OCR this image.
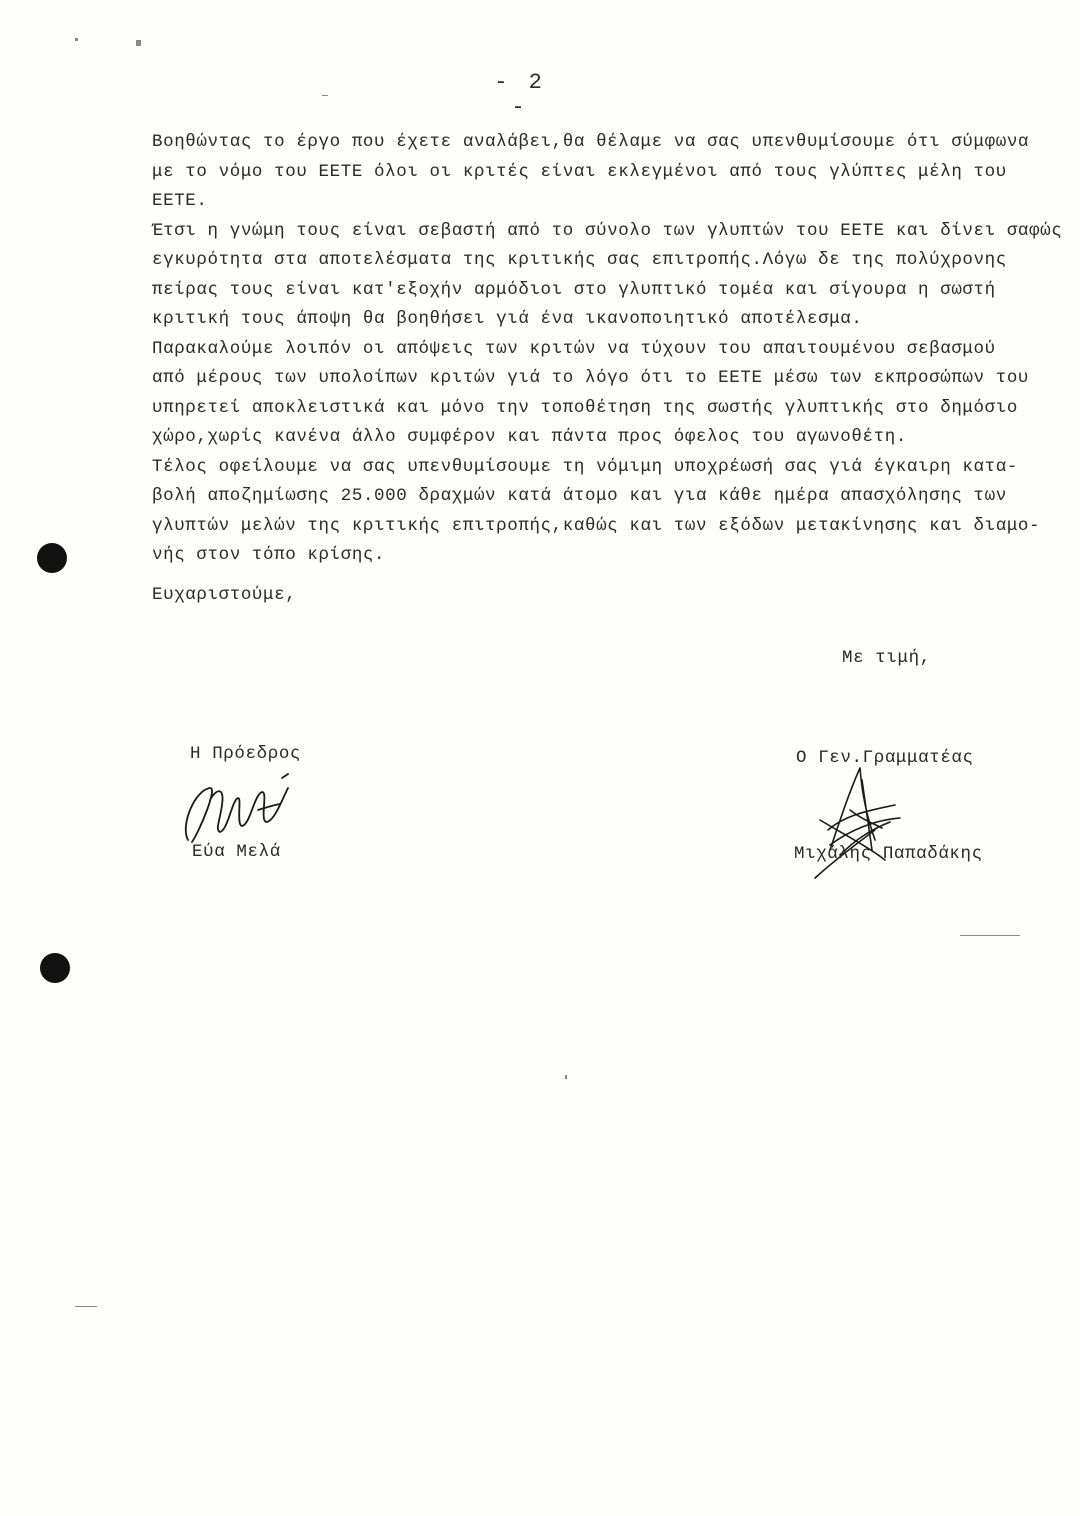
- 2 -
Βοηθώντας το έργο που έχετε αναλάβει,θα θέλαμε να σας υπενθυμίσουμε ότι σύμφωνα
με το νόμο του ΕΕΤΕ όλοι οι κριτές είναι εκλεγμένοι από τους γλύπτες μέλη του
ΕΕΤΕ.
Έτσι η γνώμη τους είναι σεβαστή από το σύνολο των γλυπτών του ΕΕΤΕ και δίνει σαφώς
εγκυρότητα στα αποτελέσματα της κριτικής σας επιτροπής.Λόγω δε της πολύχρονης
πείρας τους είναι κατ'εξοχήν αρμόδιοι στο γλυπτικό τομέα και σίγουρα η σωστή
κριτική τους άποψη θα βοηθήσει γιά ένα ικανοποιητικό αποτέλεσμα.
Παρακαλούμε λοιπόν οι απόψεις των κριτών να τύχουν του απαιτουμένου σεβασμού
από μέρους των υπολοίπων κριτών γιά το λόγο ότι το ΕΕΤΕ μέσω των εκπροσώπων του
υπηρετεί αποκλειστικά και μόνο την τοποθέτηση της σωστής γλυπτικής στο δημόσιο
χώρο,χωρίς κανένα άλλο συμφέρον και πάντα προς όφελος του αγωνοθέτη.
Τέλος οφείλουμε να σας υπενθυμίσουμε τη νόμιμη υποχρέωσή σας γιά έγκαιρη κατα-
βολή αποζημίωσης 25.000 δραχμών κατά άτομο και για κάθε ημέρα απασχόλησης των
γλυπτών μελών της κριτικής επιτροπής,καθώς και των εξόδων μετακίνησης και διαμο-
νής στον τόπο κρίσης.
Ευχαριστούμε,
Με τιμή,
Η Πρόεδρος
Εύα Μελά
Ο Γεν.Γραμματέας
Μιχάλης Παπαδάκης
